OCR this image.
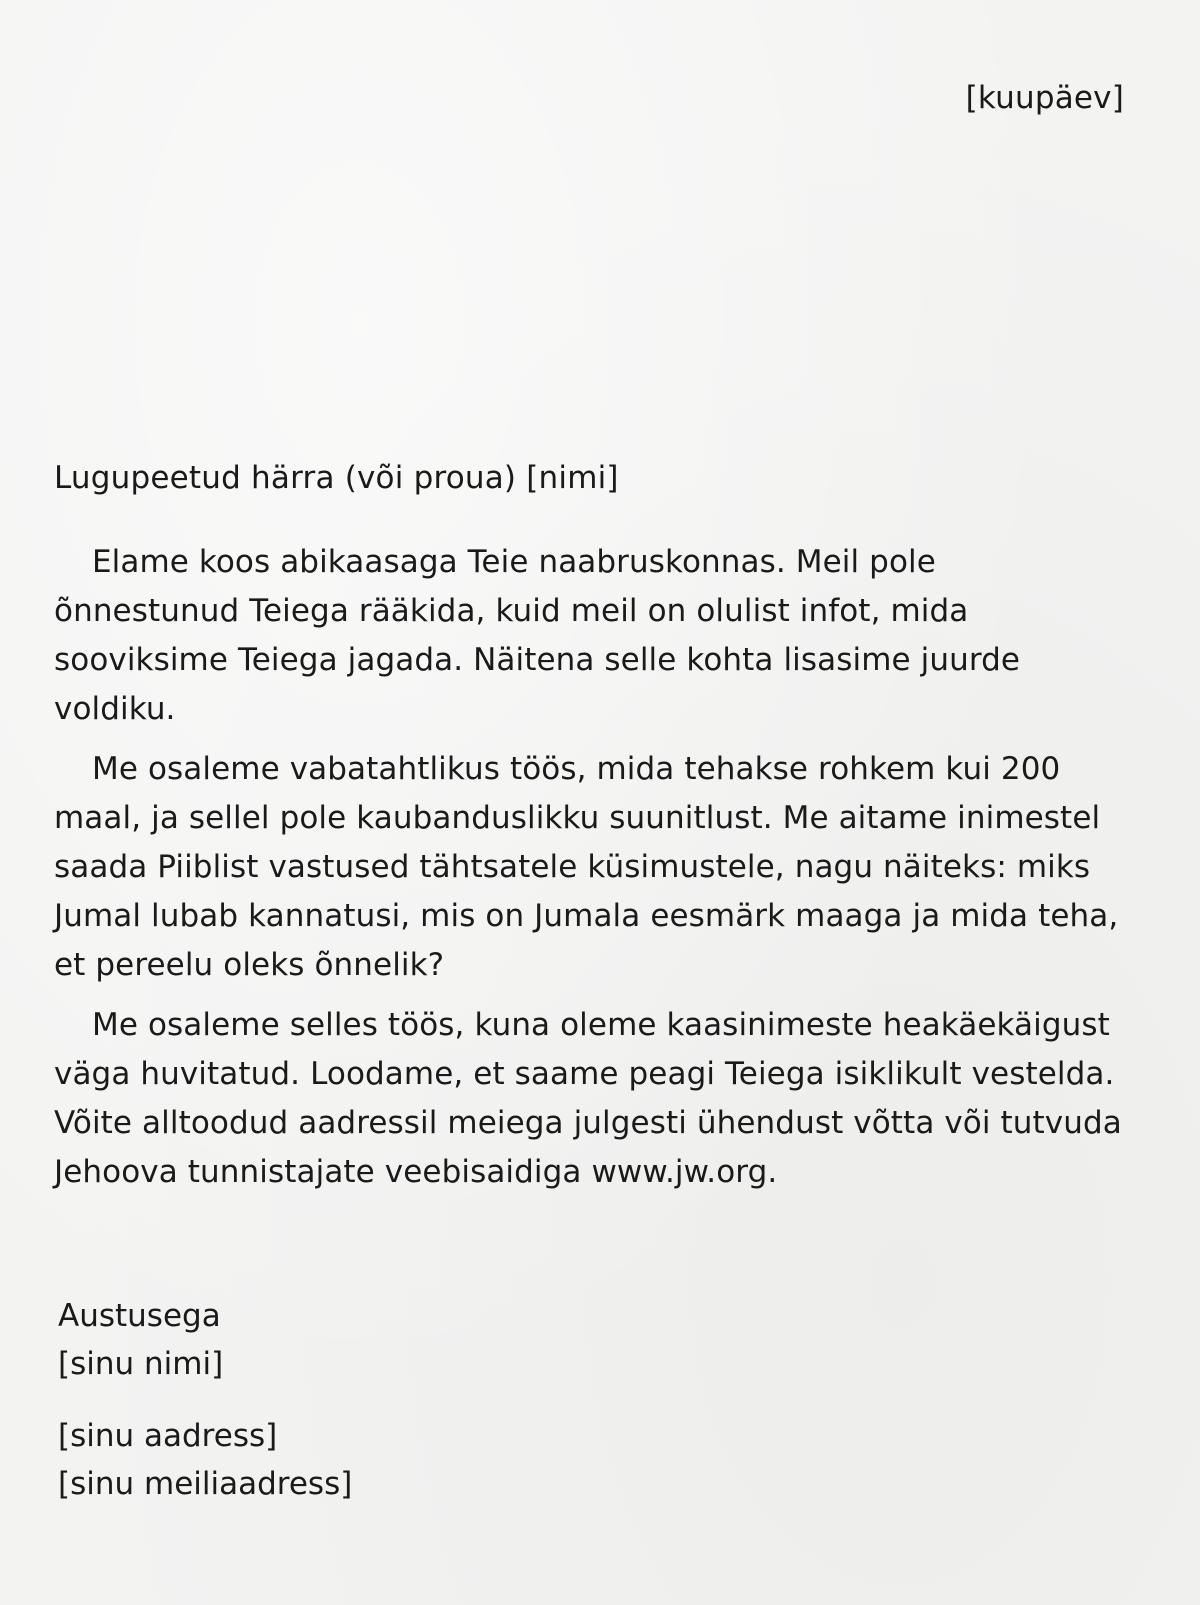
[kuupäev]
Lugupeetud härra (või proua) [nimi]

Elame koos abikaasaga Teie naabruskonnas. Meil pole õnnestunud Teiega rääkida, kuid meil on olulist infot, mida sooviksime Teiega jagada. Näitena selle kohta lisasime juurde voldiku.

Me osaleme vabatahtlikus töös, mida tehakse rohkem kui 200 maal, ja sellel pole kaubanduslikku suunitlust. Me aitame inimestel saada Piiblist vastused tähtsatele küsimustele, nagu näiteks: miks Jumal lubab kannatusi, mis on Jumala eesmärk maaga ja mida teha, et pereelu oleks õnnelik?

Me osaleme selles töös, kuna oleme kaasinimeste heakäekäigust väga huvitatud. Loodame, et saame peagi Teiega isiklikult vestelda. Võite alltoodud aadressil meiega julgesti ühendust võtta või tutvuda Jehoova tunnistajate veebisaidiga www.jw.org.

Austusega
[sinu nimi]
[sinu aadress]
[sinu meiliaadress]
